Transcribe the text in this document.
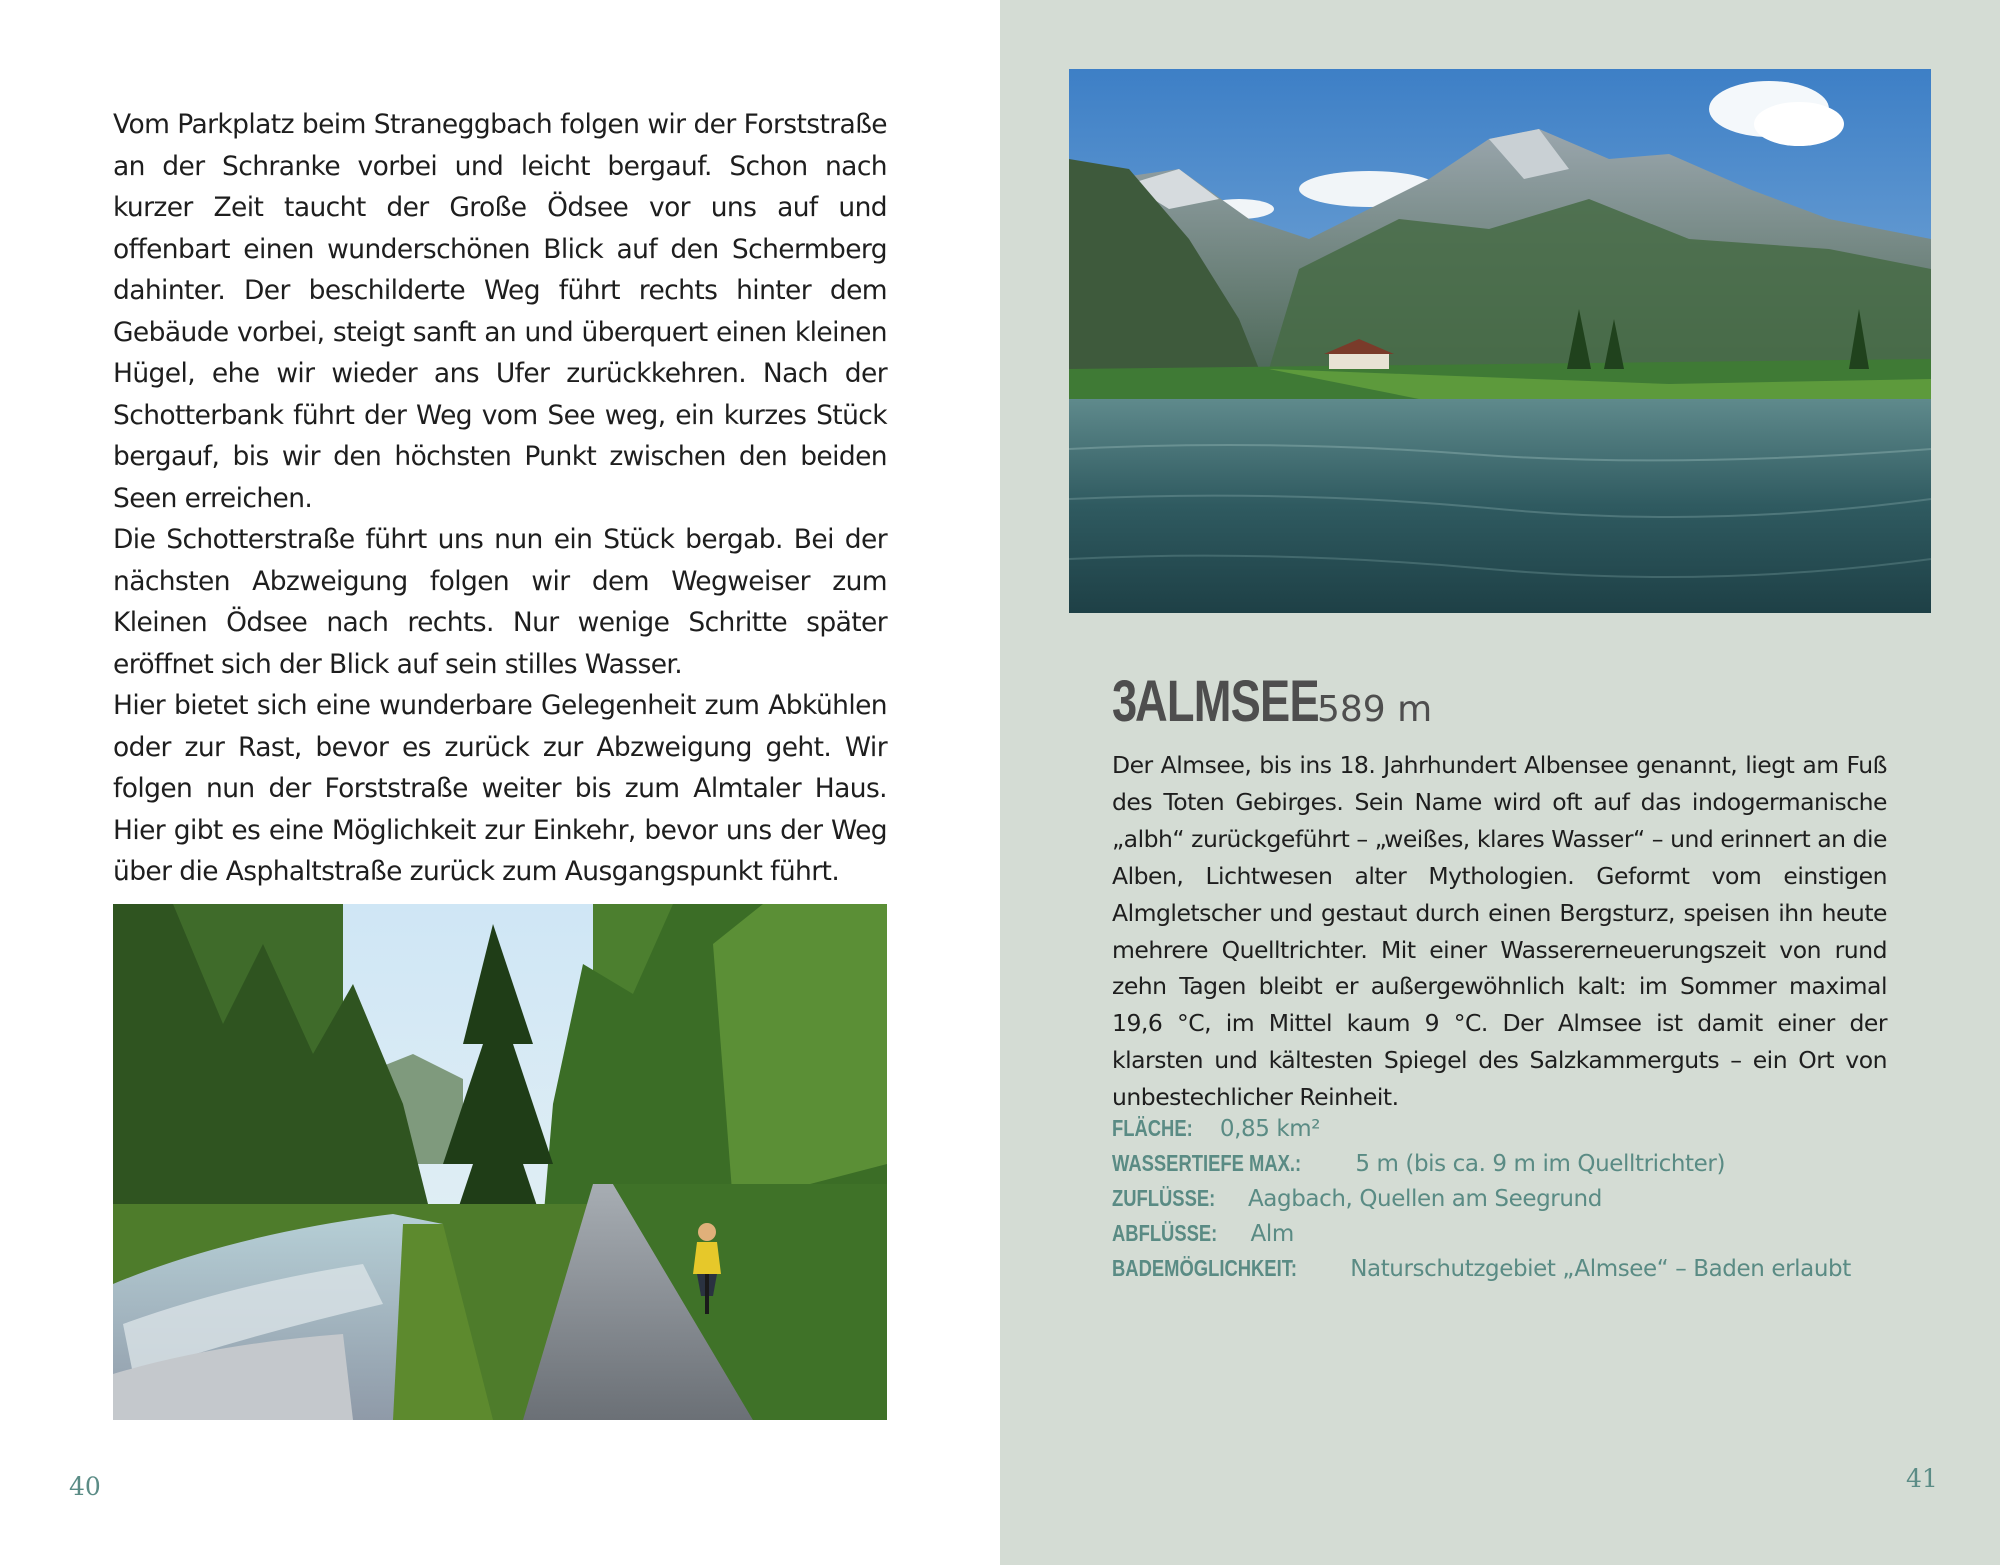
Vom Parkplatz beim Straneggbach folgen wir der Forststraße an der Schranke vorbei und leicht bergauf. Schon nach kurzer Zeit taucht der Große Ödsee vor uns auf und offenbart einen wunderschönen Blick auf den Schermberg dahinter. Der beschilderte Weg führt rechts hinter dem Gebäude vorbei, steigt sanft an und überquert einen kleinen Hügel, ehe wir wieder ans Ufer zurückkehren. Nach der Schotterbank führt der Weg vom See weg, ein kurzes Stück bergauf, bis wir den höchsten Punkt zwischen den beiden Seen erreichen.

Die Schotterstraße führt uns nun ein Stück bergab. Bei der nächsten Abzweigung folgen wir dem Wegweiser zum Kleinen Ödsee nach rechts. Nur wenige Schritte später eröffnet sich der Blick auf sein stilles Wasser.

Hier bietet sich eine wunderbare Gelegenheit zum Abkühlen oder zur Rast, bevor es zurück zur Abzweigung geht. Wir folgen nun der Forststraße weiter bis zum Almtaler Haus. Hier gibt es eine Möglichkeit zur Einkehr, bevor uns der Weg über die Asphaltstraße zurück zum Ausgangspunkt führt.

40
3
ALMSEE
589 m

Der Almsee, bis ins 18. Jahrhundert Albensee genannt, liegt am Fuß des Toten Gebirges. Sein Name wird oft auf das indogermanische „albh“ zurückgeführt – „weißes, klares Wasser“ – und erinnert an die Alben, Lichtwesen alter Mythologien. Geformt vom einstigen Almgletscher und gestaut durch einen Bergsturz, speisen ihn heute mehrere Quelltrichter. Mit einer Wassererneuerungszeit von rund zehn Tagen bleibt er außergewöhnlich kalt: im Sommer maximal 19,6 °C, im Mittel kaum 9 °C. Der Almsee ist damit einer der klarsten und kältesten Spiegel des Salzkammerguts – ein Ort von unbestechlicher Reinheit.

FLÄCHE: 0,85 km²
WASSERTIEFE MAX.: 5 m (bis ca. 9 m im Quelltrichter)
ZUFLÜSSE: Aagbach, Quellen am Seegrund
ABFLÜSSE: Alm
BADEMÖGLICHKEIT: Naturschutzgebiet „Almsee“ – Baden erlaubt
41
